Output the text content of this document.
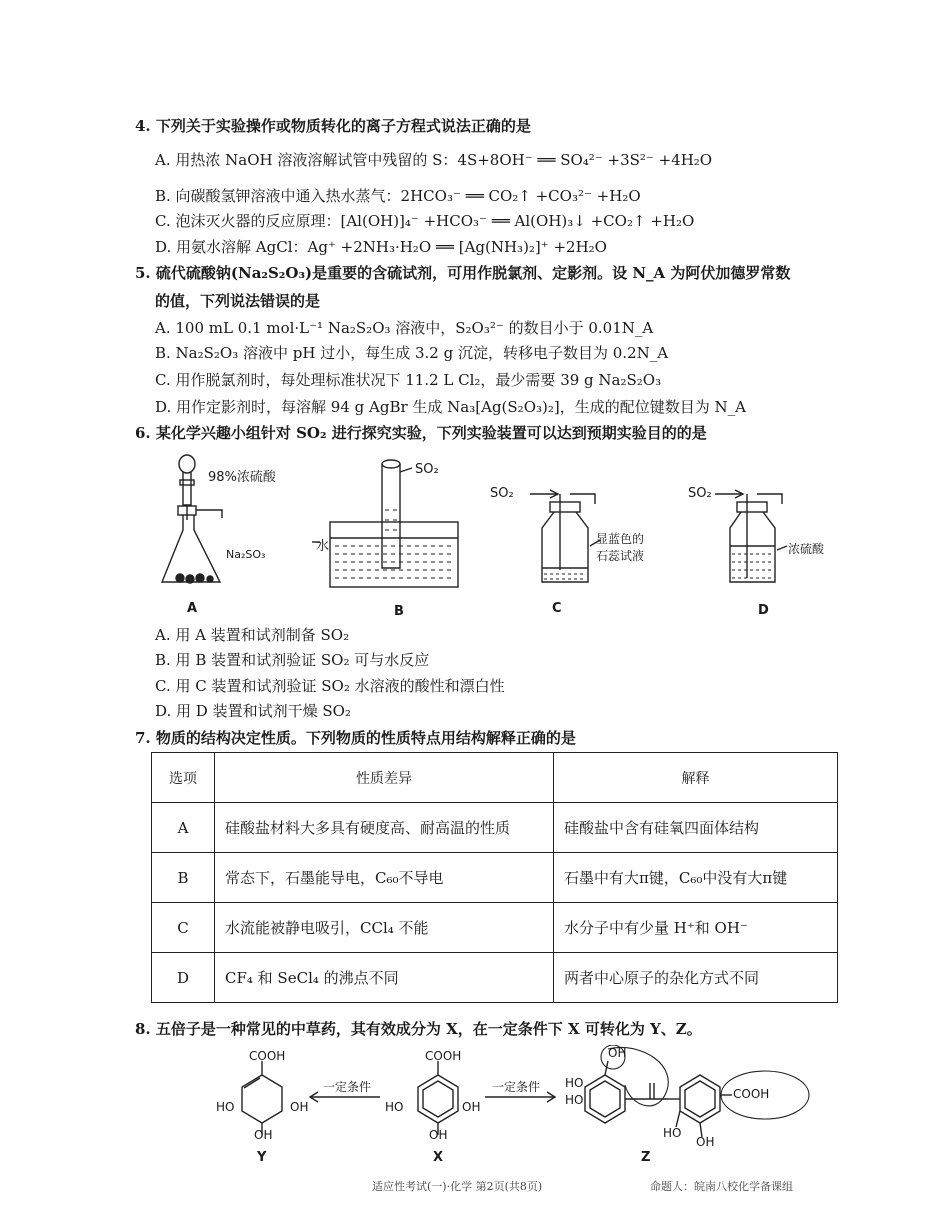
4. 下列关于实验操作或物质转化的离子方程式说法正确的是
A. 用热浓 NaOH 溶液溶解试管中残留的 S：4S+8OH⁻ ══ SO₄²⁻ +3S²⁻ +4H₂O
B. 向碳酸氢钾溶液中通入热水蒸气：2HCO₃⁻ ══ CO₂↑ +CO₃²⁻ +H₂O
C. 泡沫灭火器的反应原理：[Al(OH)]₄⁻ +HCO₃⁻ ══ Al(OH)₃↓ +CO₂↑ +H₂O
D. 用氨水溶解 AgCl：Ag⁺ +2NH₃·H₂O ══ [Ag(NH₃)₂]⁺ +2H₂O
5. 硫代硫酸钠(Na₂S₂O₃)是重要的含硫试剂，可用作脱氯剂、定影剂。设 N_A 为阿伏加德罗常数
的值，下列说法错误的是
A. 100 mL 0.1 mol·L⁻¹ Na₂S₂O₃ 溶液中，S₂O₃²⁻ 的数目小于 0.01N_A
B. Na₂S₂O₃ 溶液中 pH 过小，每生成 3.2 g 沉淀，转移电子数目为 0.2N_A
C. 用作脱氯剂时，每处理标准状况下 11.2 L Cl₂，最少需要 39 g Na₂S₂O₃
D. 用作定影剂时，每溶解 94 g AgBr 生成 Na₃[Ag(S₂O₃)₂]，生成的配位键数目为 N_A
6. 某化学兴趣小组针对 SO₂ 进行探究实验，下列实验装置可以达到预期实验目的的是
98%浓硫酸
Na₂SO₃
SO₂
水
SO₂
显蓝色的
石蕊试液
SO₂
浓硫酸
A	B	C	D
A. 用 A 装置和试剂制备 SO₂
B. 用 B 装置和试剂验证 SO₂ 可与水反应
C. 用 C 装置和试剂验证 SO₂ 水溶液的酸性和漂白性
D. 用 D 装置和试剂干燥 SO₂
7. 物质的结构决定性质。下列物质的性质特点用结构解释正确的是
选项	性质差异	解释
A	硅酸盐材料大多具有硬度高、耐高温的性质	硅酸盐中含有硅氧四面体结构
B	常态下，石墨能导电，C₆₀不导电	石墨中有大π键，C₆₀中没有大π键
C	水流能被静电吸引，CCl₄ 不能	水分子中有少量 H⁺和 OH⁻
D	CF₄ 和 SeCl₄ 的沸点不同	两者中心原子的杂化方式不同
8. 五倍子是一种常见的中草药，其有效成分为 X，在一定条件下 X 可转化为 Y、Z。
COOH
HO	OH
OH
Y
一定条件
COOH
HO	OH
OH
X
一定条件
OH
HO
HO	COOH
HO
OH
Z
适应性考试(一)·化学 第2页(共8页)	命题人：皖南八校化学备课组
